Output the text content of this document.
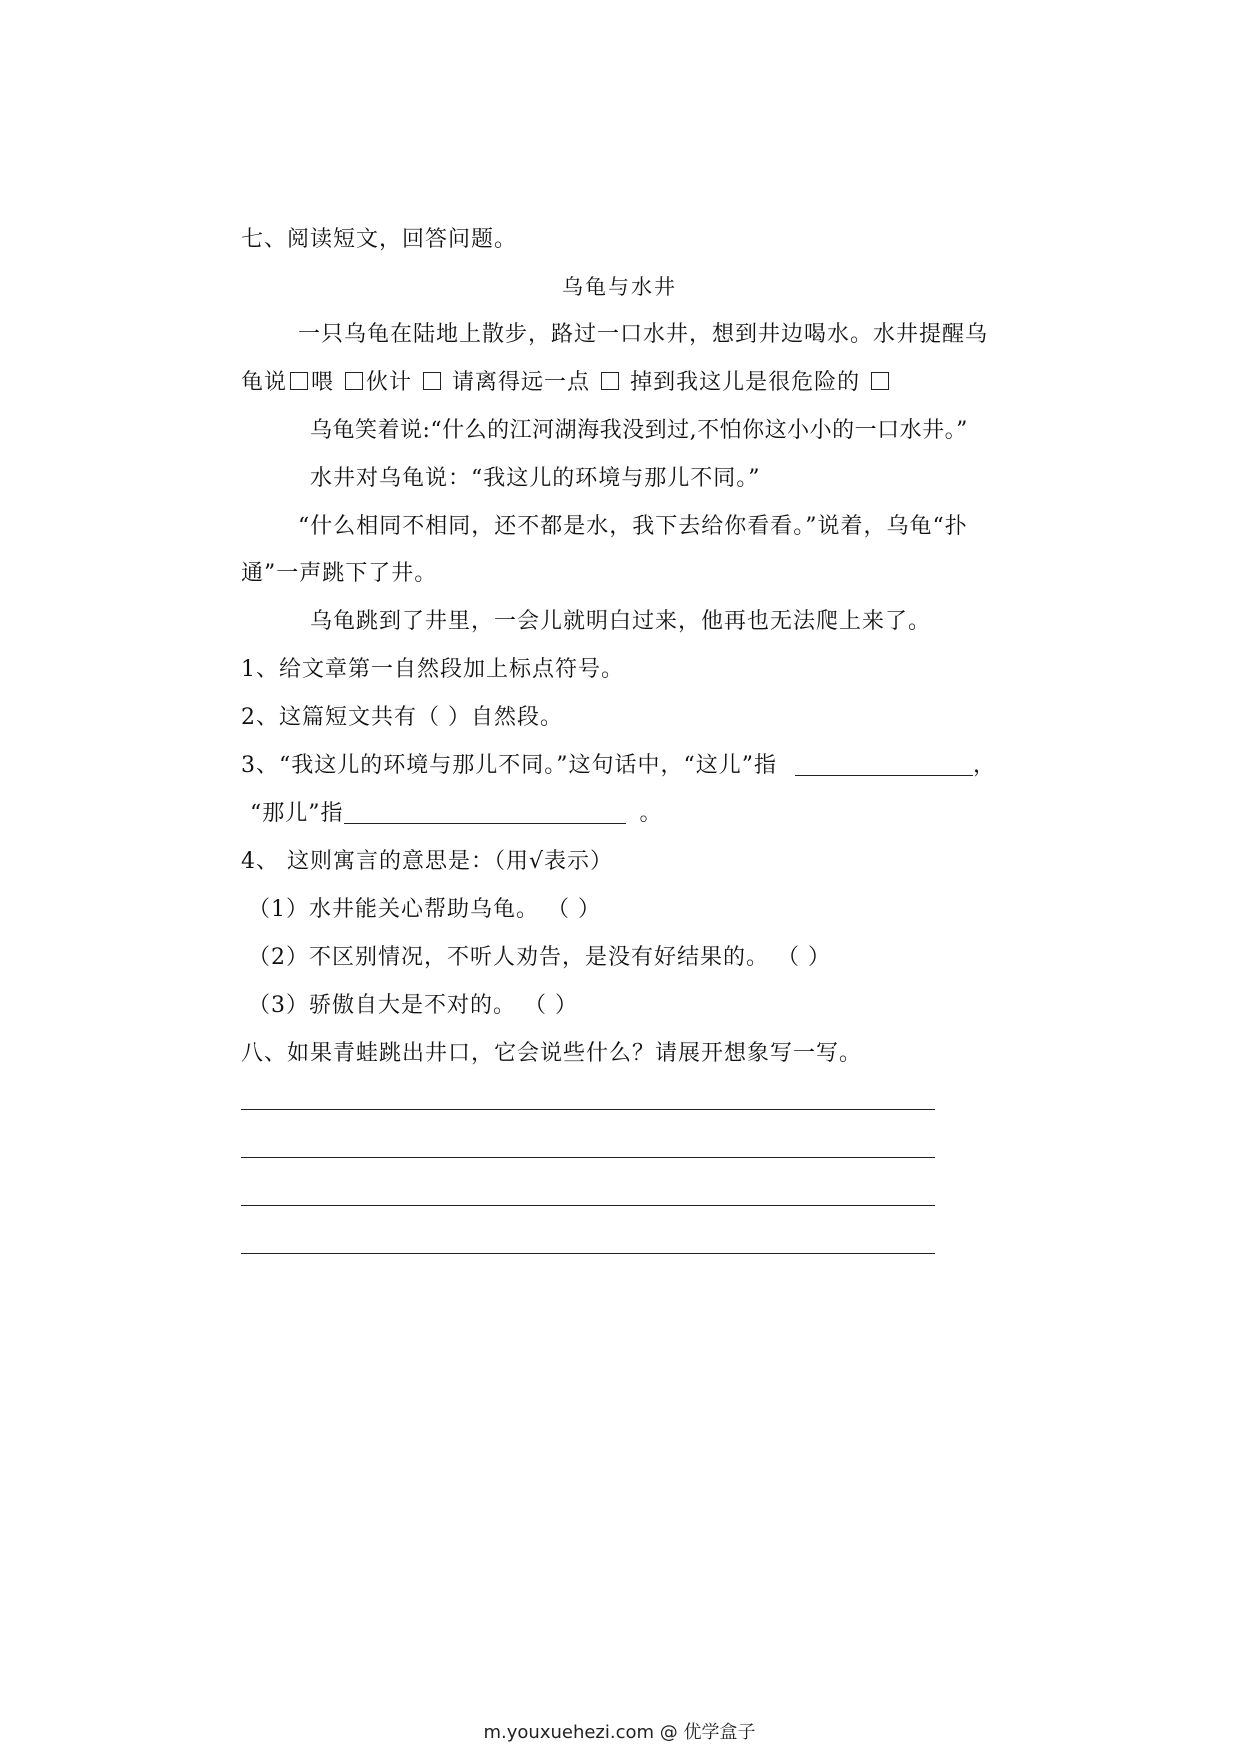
七、阅读短文，回答问题。
乌龟与水井
一只乌龟在陆地上散步，路过一口水井，想到井边喝水。水井提醒乌
龟说 喂 伙计 请离得远一点 掉到我这儿是很危险的
乌龟笑着说:“什么的江河湖海我没到过,不怕你这小小的一口水井。”
水井对乌龟说：“我这儿的环境与那儿不同。”
“什么相同不相同，还不都是水，我下去给你看看。”说着，乌龟“扑
通”一声跳下了井。
乌龟跳到了井里，一会儿就明白过来，他再也无法爬上来了。
1、给文章第一自然段加上标点符号。
2、这篇短文共有（ ）自然段。
3、“我这儿的环境与那儿不同。”这句话中，“这儿”指	，
“那儿”指	。
4、 这则寓言的意思是：（用√表示）
（1）水井能关心帮助乌龟。 （ ）
（2）不区别情况，不听人劝告，是没有好结果的。 （ ）
（3）骄傲自大是不对的。 （ ）
八、如果青蛙跳出井口，它会说些什么？请展开想象写一写。
m.youxuehezi.com @ 优学盒子
